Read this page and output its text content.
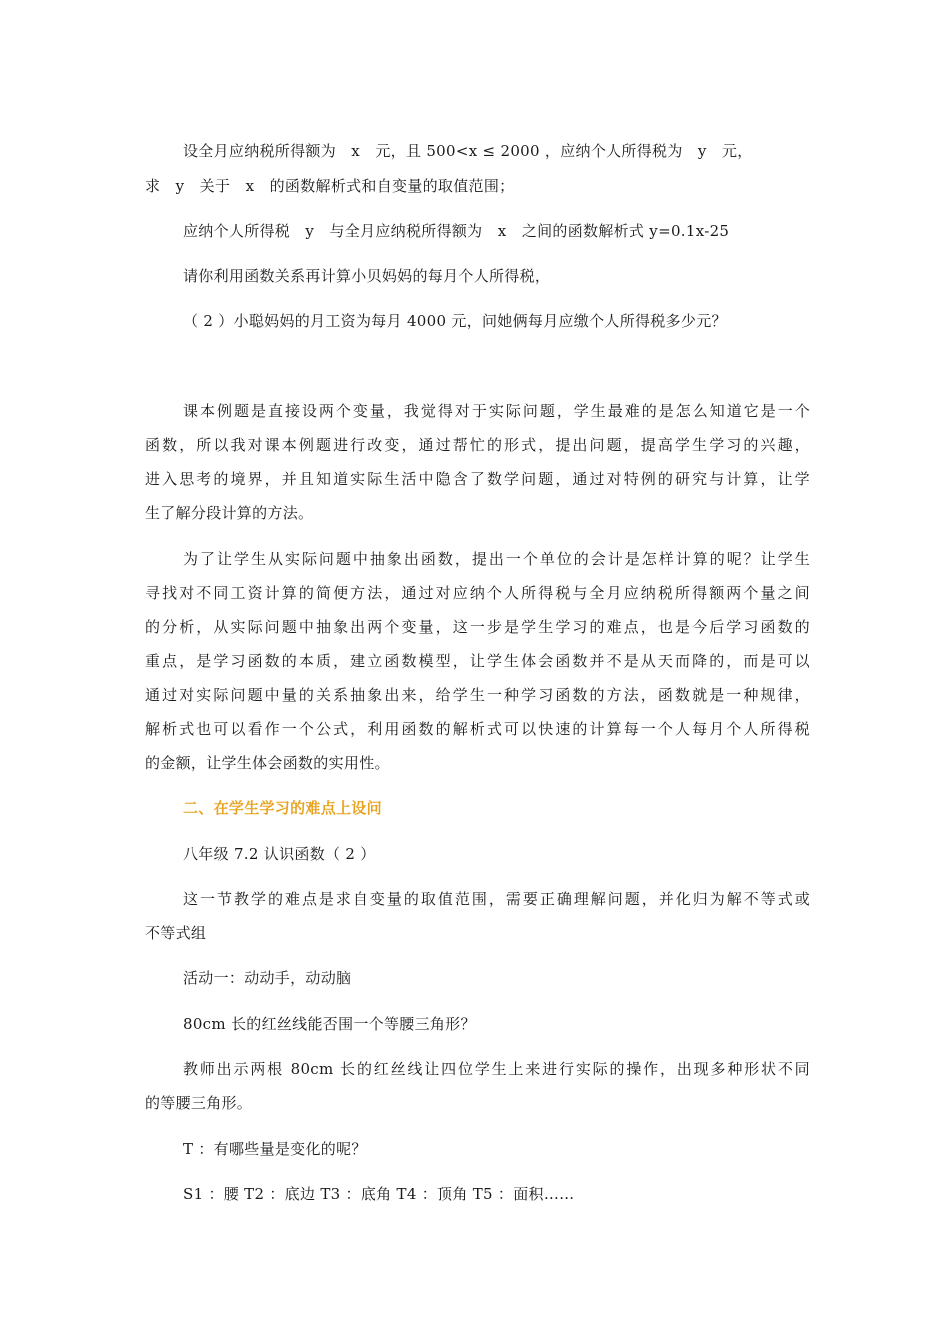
设全月应纳税所得额为　x　元，且 500<x ≤ 2000 ，应纳个人所得税为　y　元，
求　y　关于　x　的函数解析式和自变量的取值范围；
应纳个人所得税　y　与全月应纳税所得额为　x　之间的函数解析式 y=0.1x-25
请你利用函数关系再计算小贝妈妈的每月个人所得税，
（ 2 ）小聪妈妈的月工资为每月 4000 元，问她俩每月应缴个人所得税多少元？
课本例题是直接设两个变量，我觉得对于实际问题，学生最难的是怎么知道它是一个
函数，所以我对课本例题进行改变，通过帮忙的形式，提出问题，提高学生学习的兴趣，
进入思考的境界，并且知道实际生活中隐含了数学问题，通过对特例的研究与计算，让学
生了解分段计算的方法。
为了让学生从实际问题中抽象出函数，提出一个单位的会计是怎样计算的呢？让学生
寻找对不同工资计算的简便方法，通过对应纳个人所得税与全月应纳税所得额两个量之间
的分析，从实际问题中抽象出两个变量，这一步是学生学习的难点，也是今后学习函数的
重点，是学习函数的本质，建立函数模型，让学生体会函数并不是从天而降的，而是可以
通过对实际问题中量的关系抽象出来，给学生一种学习函数的方法，函数就是一种规律，
解析式也可以看作一个公式，利用函数的解析式可以快速的计算每一个人每月个人所得税
的金额，让学生体会函数的实用性。
二、在学生学习的难点上设问
八年级 7.2 认识函数（ 2 ）
这一节教学的难点是求自变量的取值范围，需要正确理解问题，并化归为解不等式或
不等式组
活动一：动动手，动动脑
80cm 长的红丝线能否围一个等腰三角形？
教师出示两根 80cm 长的红丝线让四位学生上来进行实际的操作，出现多种形状不同
的等腰三角形。
T ：有哪些量是变化的呢？
S1 ：腰 T2 ：底边 T3 ：底角 T4 ：顶角 T5 ：面积……
